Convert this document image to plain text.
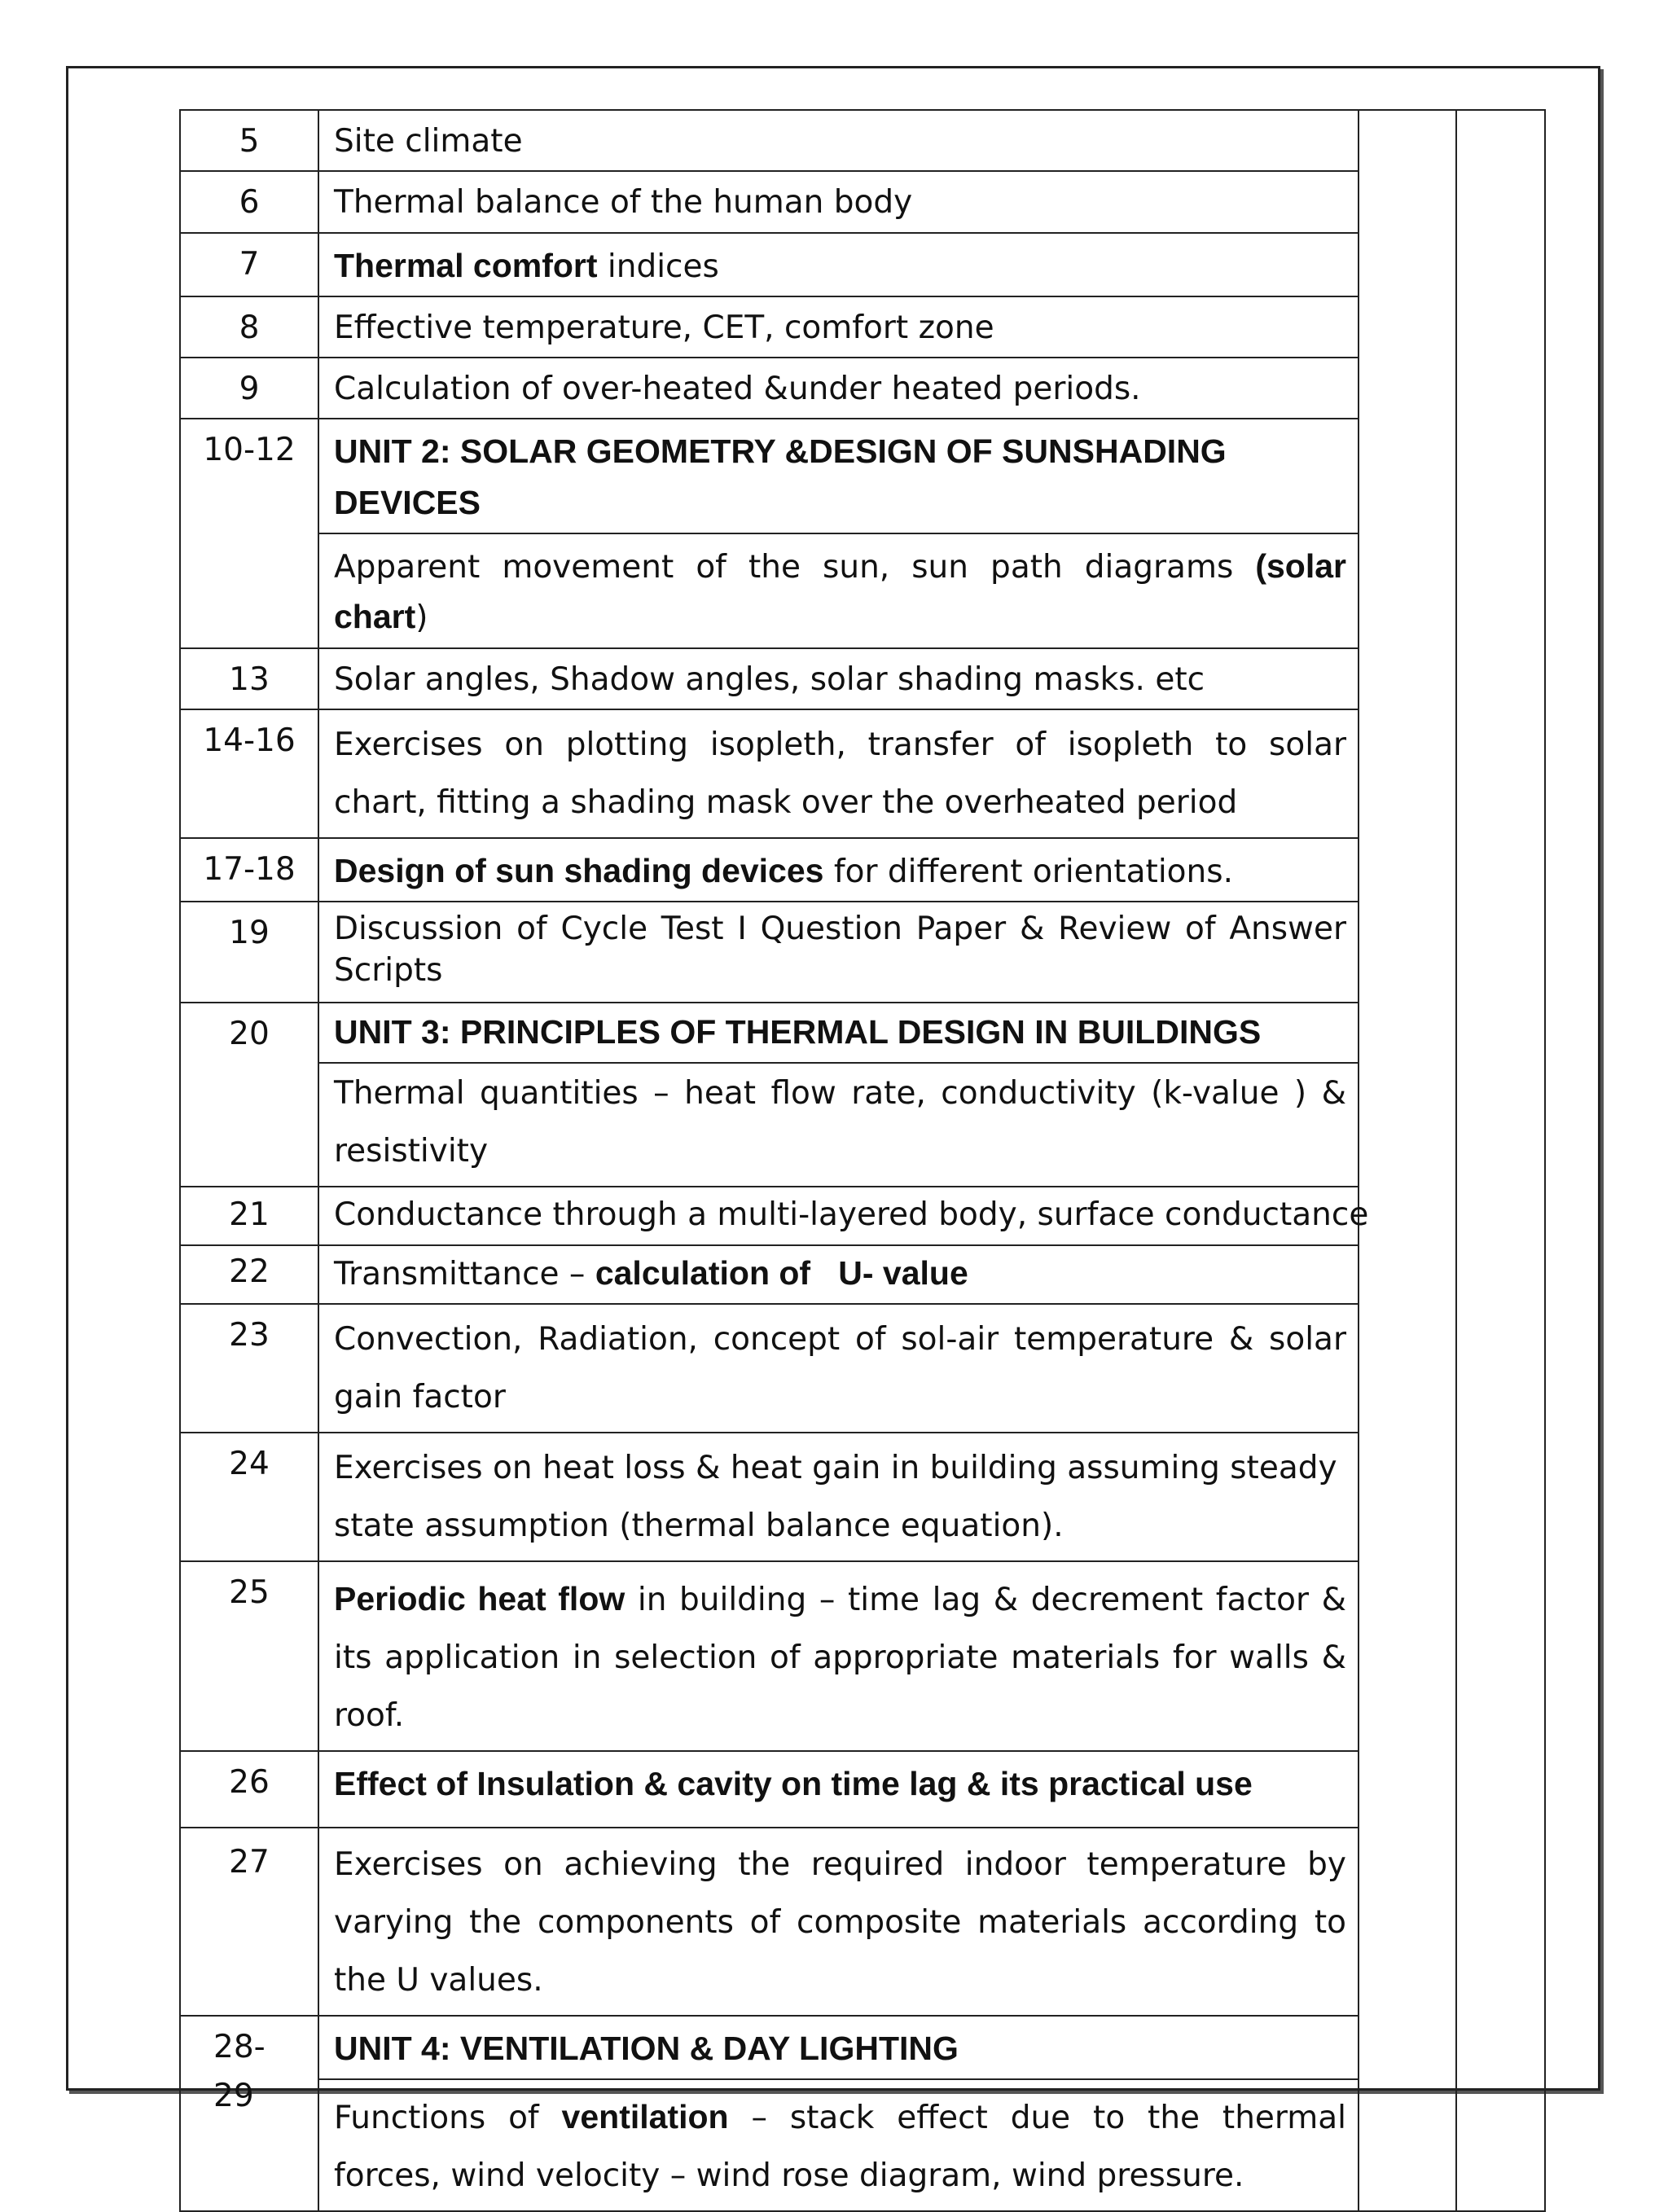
5	Site climate		
6	Thermal balance of the human body		
7	Thermal comfort indices		
8	Effective temperature, CET, comfort zone		
9	Calculation of over-heated &under heated periods.		
10-12	UNIT 2: SOLAR GEOMETRY &DESIGN OF SUNSHADING DEVICES		
	Apparent movement of the sun, sun path diagrams (solar chart)		
13	Solar angles, Shadow angles, solar shading masks. etc		
14-16	Exercises on plotting isopleth, transfer of isopleth to solar chart, fitting a shading mask over the overheated period		
17-18	Design of sun shading devices for different orientations.		
19	Discussion of Cycle Test I Question Paper & Review of Answer Scripts		
20	UNIT 3: PRINCIPLES OF THERMAL DESIGN IN BUILDINGS		
	Thermal quantities – heat flow rate, conductivity (k-value ) & resistivity		
21	Conductance through a multi-layered body, surface conductance		
22	Transmittance – calculation of   U- value		
23	Convection, Radiation, concept of sol-air temperature & solar gain factor		
24	Exercises on heat loss & heat gain in building assuming steady state assumption (thermal balance equation).		
25	Periodic heat flow in building – time lag & decrement factor & its application in selection of appropriate materials for walls & roof.		
26	Effect of Insulation & cavity on time lag & its practical use		
27	Exercises on achieving the required indoor temperature by varying the components of composite materials according to the U values.		

28-29	UNIT 4: VENTILATION & DAY LIGHTING		
	Functions of ventilation – stack effect due to the thermal forces, wind velocity – wind rose diagram, wind pressure.		
